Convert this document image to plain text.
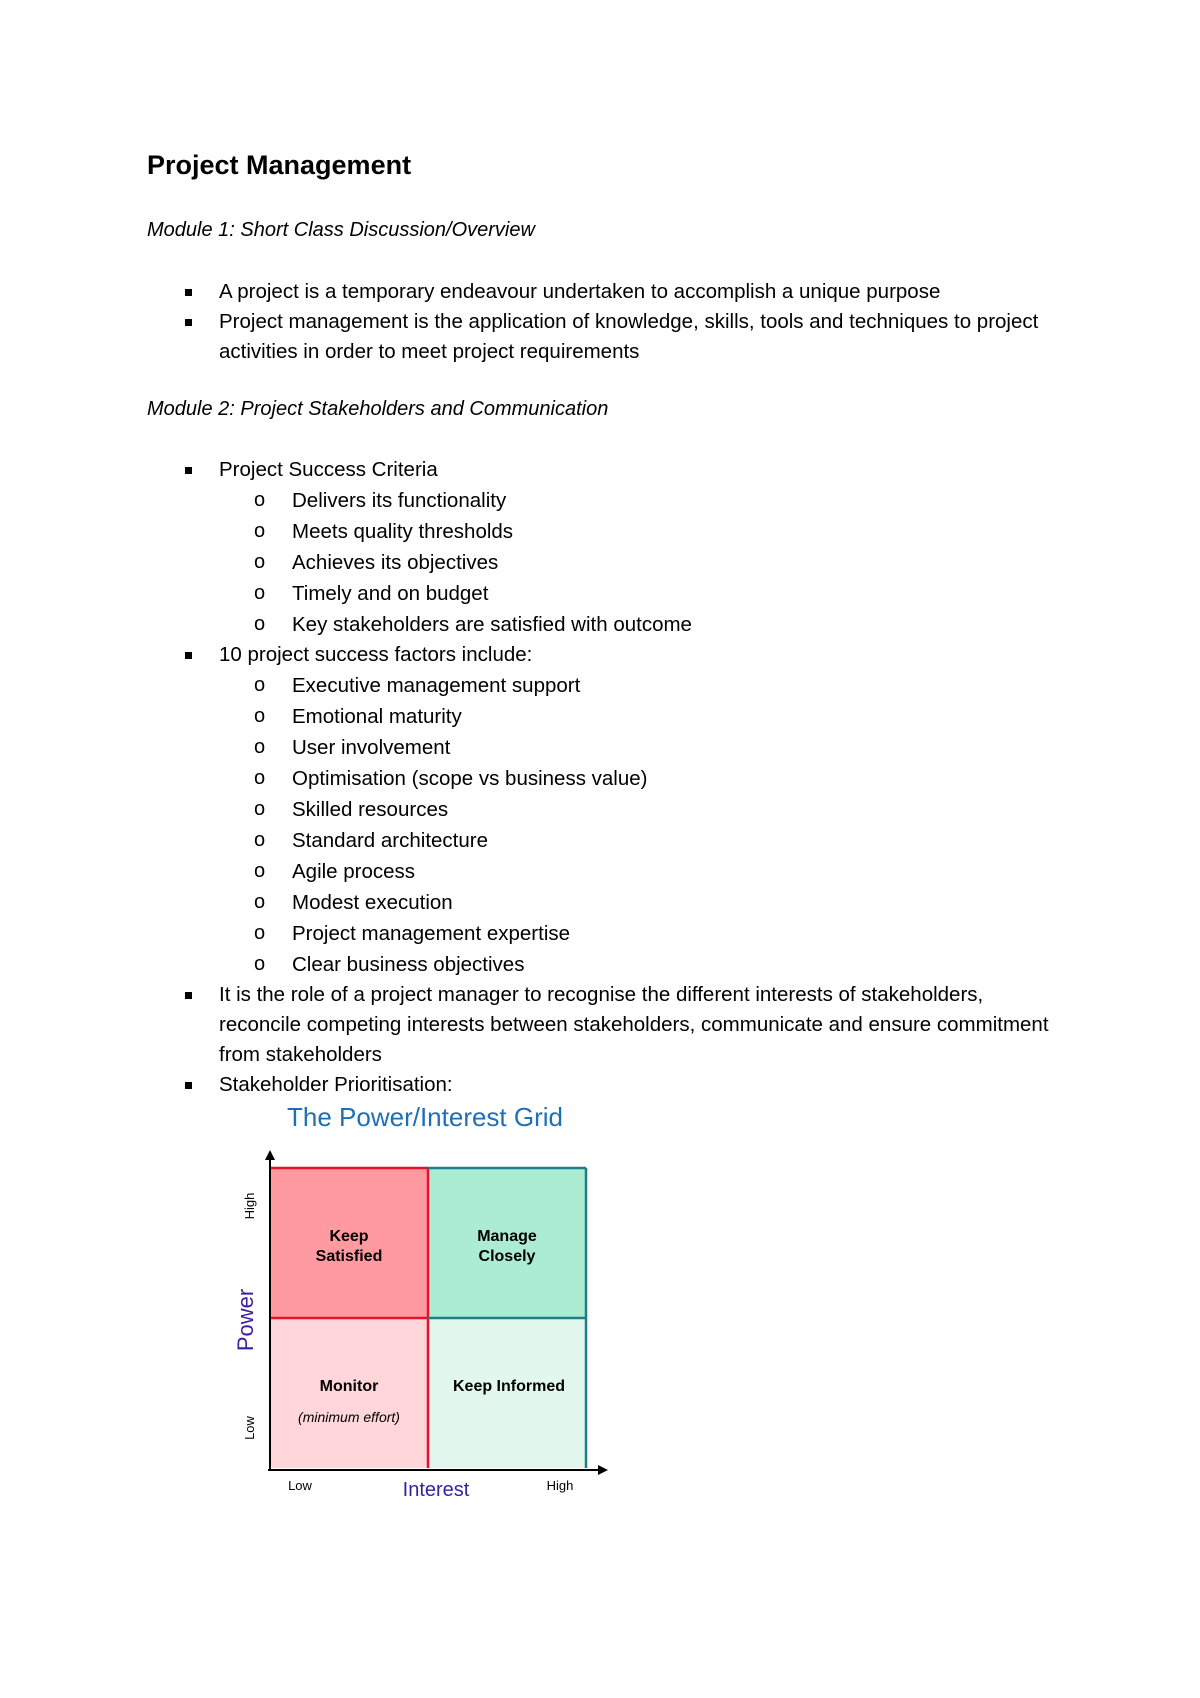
Project Management

Module 1: Short Class Discussion/Overview

A project is a temporary endeavour undertaken to accomplish a unique purpose
Project management is the application of knowledge, skills, tools and techniques to project activities in order to meet project requirements

Module 2: Project Stakeholders and Communication

Project Success Criteria
o Delivers its functionality
o Meets quality thresholds
o Achieves its objectives
o Timely and on budget
o Key stakeholders are satisfied with outcome
10 project success factors include:
o Executive management support
o Emotional maturity
o User involvement
o Optimisation (scope vs business value)
o Skilled resources
o Standard architecture
o Agile process
o Modest execution
o Project management expertise
o Clear business objectives
It is the role of a project manager to recognise the different interests of stakeholders, reconcile competing interests between stakeholders, communicate and ensure commitment from stakeholders
Stakeholder Prioritisation:
The Power/Interest Grid
Keep
Satisfied
Manage
Closely
Monitor
(minimum effort)
Keep Informed
Power
High
Low
Interest
Low	High
